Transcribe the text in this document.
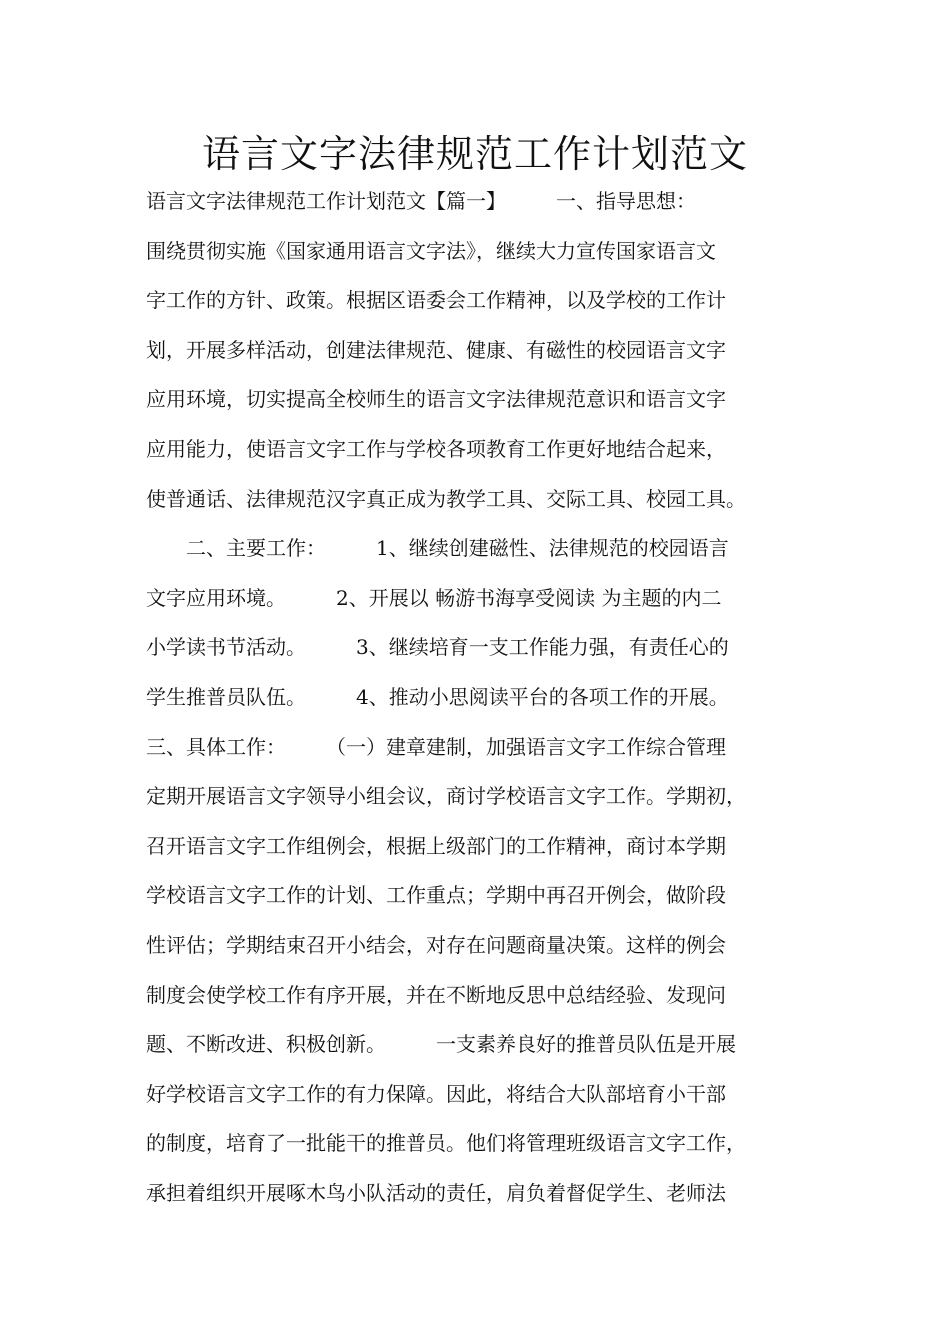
语言文字法律规范工作计划范文
语言文字法律规范工作计划范文【篇一】　　　一、指导思想：
围绕贯彻实施《国家通用语言文字法》，继续大力宣传国家语言文
字工作的方针、政策。根据区语委会工作精神，以及学校的工作计
划，开展多样活动，创建法律规范、健康、有磁性的校园语言文字
应用环境，切实提高全校师生的语言文字法律规范意识和语言文字
应用能力，使语言文字工作与学校各项教育工作更好地结合起来，
使普通话、法律规范汉字真正成为教学工具、交际工具、校园工具。
　　二、主要工作：　　　1、继续创建磁性、法律规范的校园语言
文字应用环境。　　　2、开展以 畅游书海享受阅读 为主题的内二
小学读书节活动。　　　3、继续培育一支工作能力强，有责任心的
学生推普员队伍。　　　4、推动小思阅读平台的各项工作的开展。
三、具体工作：　　　（一）建章建制，加强语言文字工作综合管理
定期开展语言文字领导小组会议，商讨学校语言文字工作。学期初，
召开语言文字工作组例会，根据上级部门的工作精神，商讨本学期
学校语言文字工作的计划、工作重点；学期中再召开例会，做阶段
性评估；学期结束召开小结会，对存在问题商量决策。这样的例会
制度会使学校工作有序开展，并在不断地反思中总结经验、发现问
题、不断改进、积极创新。　　　一支素养良好的推普员队伍是开展
好学校语言文字工作的有力保障。因此，将结合大队部培育小干部
的制度，培育了一批能干的推普员。他们将管理班级语言文字工作，
承担着组织开展啄木鸟小队活动的责任，肩负着督促学生、老师法
